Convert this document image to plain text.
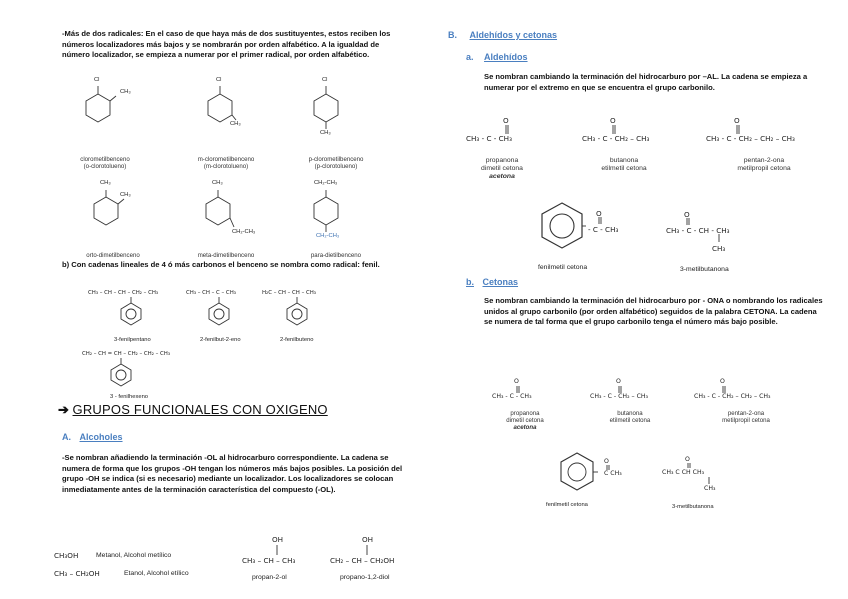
-Más de dos radicales: En el caso de que haya más de dos sustituyentes, estos reciben los números localizadores más bajos y se nombrarán por orden alfabético. A la igualdad de número localizador, se empieza a numerar por el primer radical, por orden alfabético.
Cl
CH₃
Cl
CH₃
Cl
CH₃
clorometilbenceno
(o-clorotolueno)
m-clorometilbenceno
(m-clorotolueno)
p-clorometilbenceno
(p-clorotolueno)
CH₃
CH₃
CH₃
CH₂-CH₃
CH₂-CH₃
CH₂-CH₃
orto-dimetilbenceno	meta-dimetilbenceno	para-dietilbenceno
b) Con cadenas lineales de 4 ó más carbonos el benceno se nombra como radical: fenil.
CH₃ – CH – CH – CH₂ – CH₃	CH₃ – CH – C – CH₃	H₂C – CH – CH – CH₃
3-fenilpentano	2-fenilbut-2-eno	2-fenilbuteno
CH₂ – CH = CH – CH₂ – CH₂ – CH₃
3 - fenilhexeno
➔ GRUPOS FUNCIONALES CON OXIGENO
A. Alcoholes
-Se nombran añadiendo la terminación -OL al hidrocarburo correspondiente. La cadena se numera de forma que los grupos -OH tengan los números más bajos posibles. La posición del grupo -OH se indica (si es necesario) mediante un localizador. Los localizadores se colocan inmediatamente antes de la terminación característica del compuesto (-OL).
CH₃OH	Metanol, Alcohol metílico
CH₃ – CH₂OH	Etanol, Alcohol etílico
OH
CH₃ – CH – CH₃
propan-2-ol
OH
CH₂ – CH – CH₂OH
propano-1,2-diol
B. Aldehídos y cetonas
a. Aldehídos
Se nombran cambiando la terminación del hidrocarburo por –AL. La cadena se empieza a numerar por el extremo en que se encuentra el grupo carbonilo.
O
CH₃ - C - CH₃
propanona
dimetil cetona
acetona
O
CH₃ - C - CH₂ – CH₃
butanona
etilmetil cetona
O
CH₃ - C - CH₂ – CH₂ – CH₃
pentan-2-ona
metilpropil cetona
O
- C - CH₃
fenilmetil cetona
O
CH₃ - C - CH - CH₃
CH₃
3-metilbutanona
b. Cetonas
Se nombran cambiando la terminación del hidrocarburo por - ONA o nombrando los radicales unidos al grupo carbonilo (por orden alfabético) seguidos de la palabra CETONA. La cadena se numera de tal forma que el grupo carbonilo tenga el número más bajo posible.
O
CH₃ - C - CH₃
propanona
dimetil cetona
acetona
O
CH₃ - C - CH₂ – CH₃
butanona
etilmetil cetona
O
CH₃ - C - CH₂ – CH₂ – CH₃
pentan-2-ona
metilpropil cetona
O
C CH₃
fenilmetil cetona
O
CH₃ C CH CH₃
CH₃
3-metilbutanona
